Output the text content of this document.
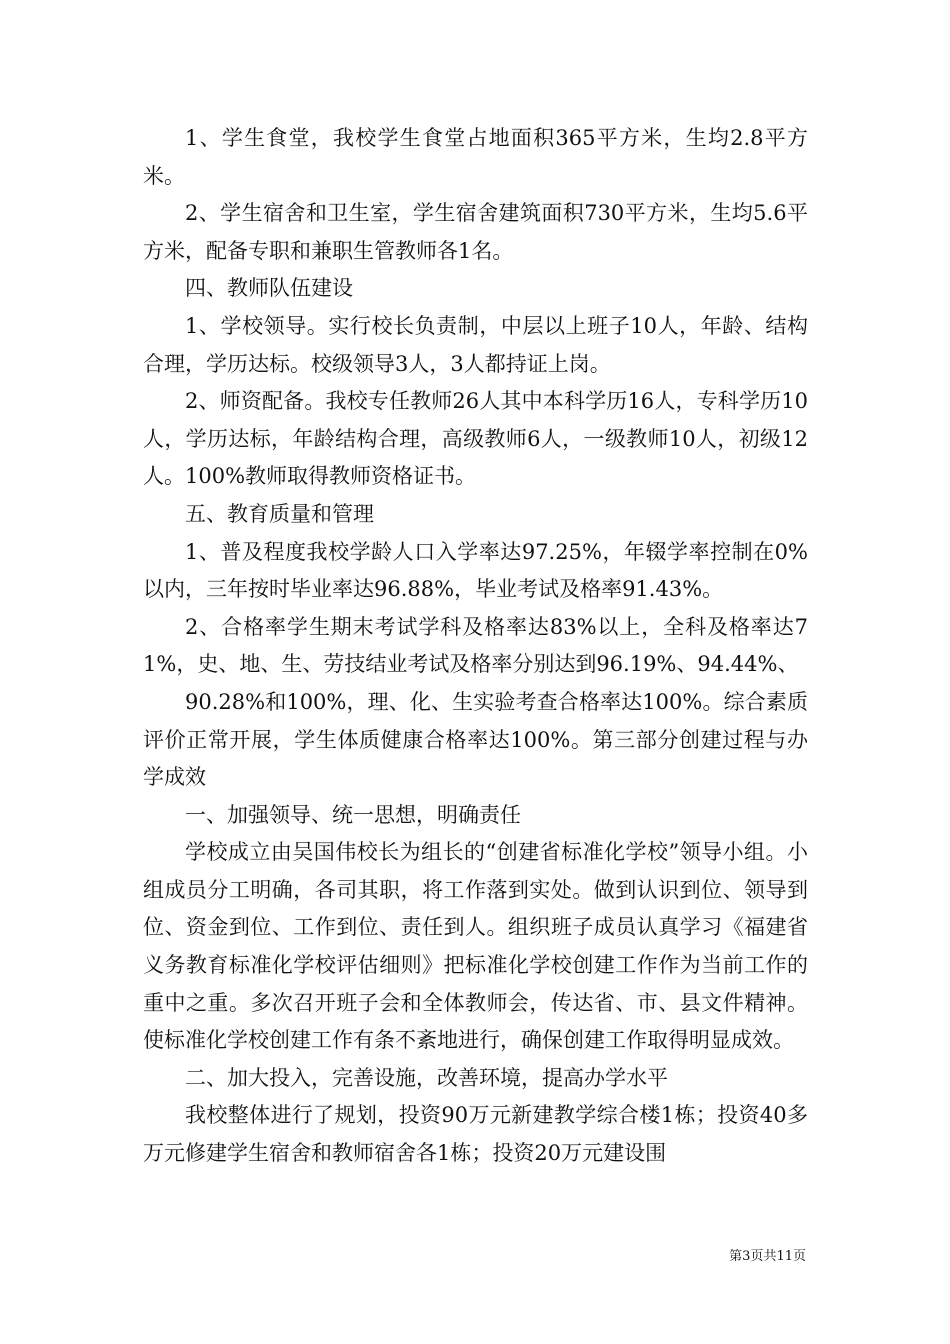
1、学生食堂，我校学生食堂占地面积365平方米，生均2.8平方米。

2、学生宿舍和卫生室，学生宿舍建筑面积730平方米，生均5.6平方米，配备专职和兼职生管教师各1名。

四、教师队伍建设

1、学校领导。实行校长负责制，中层以上班子10人，年龄、结构合理，学历达标。校级领导3人，3人都持证上岗。

2、师资配备。我校专任教师26人其中本科学历16人，专科学历10人，学历达标，年龄结构合理，高级教师6人，一级教师10人，初级12人。100%教师取得教师资格证书。

五、教育质量和管理

1、普及程度我校学龄人口入学率达97.25%，年辍学率控制在0%以内，三年按时毕业率达96.88%，毕业考试及格率91.43%。

2、合格率学生期末考试学科及格率达83%以上，全科及格率达71%，史、地、生、劳技结业考试及格率分别达到96.19%、94.44%、

90.28%和100%，理、化、生实验考查合格率达100%。综合素质评价正常开展，学生体质健康合格率达100%。第三部分创建过程与办学成效

一、加强领导、统一思想，明确责任

学校成立由吴国伟校长为组长的“创建省标准化学校”领导小组。小组成员分工明确，各司其职，将工作落到实处。做到认识到位、领导到位、资金到位、工作到位、责任到人。组织班子成员认真学习《福建省义务教育标准化学校评估细则》把标准化学校创建工作作为当前工作的重中之重。多次召开班子会和全体教师会，传达省、市、县文件精神。使标准化学校创建工作有条不紊地进行，确保创建工作取得明显成效。

二、加大投入，完善设施，改善环境，提高办学水平

我校整体进行了规划，投资90万元新建教学综合楼1栋；投资40多万元修建学生宿舍和教师宿舍各1栋；投资20万元建设围

第3页共11页
